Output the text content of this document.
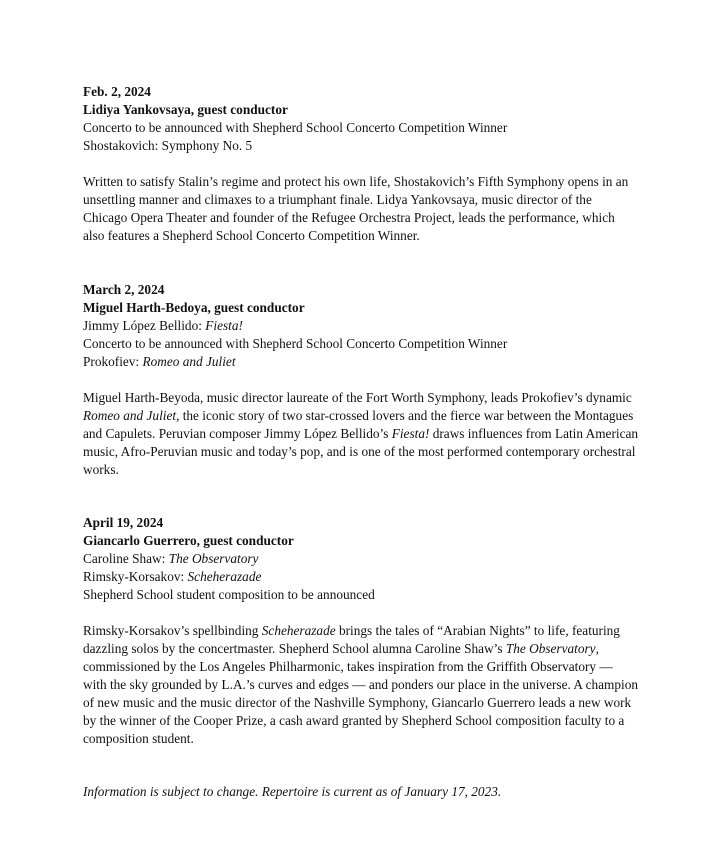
Feb. 2, 2024

Lidiya Yankovsaya, guest conductor

Concerto to be announced with Shepherd School Concerto Competition Winner

Shostakovich: Symphony No. 5

Written to satisfy Stalin’s regime and protect his own life, Shostakovich’s Fifth Symphony opens in an unsettling manner and climaxes to a triumphant finale. Lidya Yankovsaya, music director of the Chicago Opera Theater and founder of the Refugee Orchestra Project, leads the performance, which also features a Shepherd School Concerto Competition Winner.

March 2, 2024

Miguel Harth-Bedoya, guest conductor

Jimmy López Bellido: Fiesta!

Concerto to be announced with Shepherd School Concerto Competition Winner

Prokofiev: Romeo and Juliet

Miguel Harth-Beyoda, music director laureate of the Fort Worth Symphony, leads Prokofiev’s dynamic Romeo and Juliet, the iconic story of two star-crossed lovers and the fierce war between the Montagues and Capulets. Peruvian composer Jimmy López Bellido’s Fiesta! draws influences from Latin American music, Afro-Peruvian music and today’s pop, and is one of the most performed contemporary orchestral works.

April 19, 2024

Giancarlo Guerrero, guest conductor

Caroline Shaw: The Observatory

Rimsky-Korsakov: Scheherazade

Shepherd School student composition to be announced

Rimsky-Korsakov’s spellbinding Scheherazade brings the tales of “Arabian Nights” to life, featuring dazzling solos by the concertmaster. Shepherd School alumna Caroline Shaw’s The Observatory, commissioned by the Los Angeles Philharmonic, takes inspiration from the Griffith Observatory — with the sky grounded by L.A.’s curves and edges — and ponders our place in the universe. A champion of new music and the music director of the Nashville Symphony, Giancarlo Guerrero leads a new work by the winner of the Cooper Prize, a cash award granted by Shepherd School composition faculty to a composition student.

Information is subject to change. Repertoire is current as of January 17, 2023.
